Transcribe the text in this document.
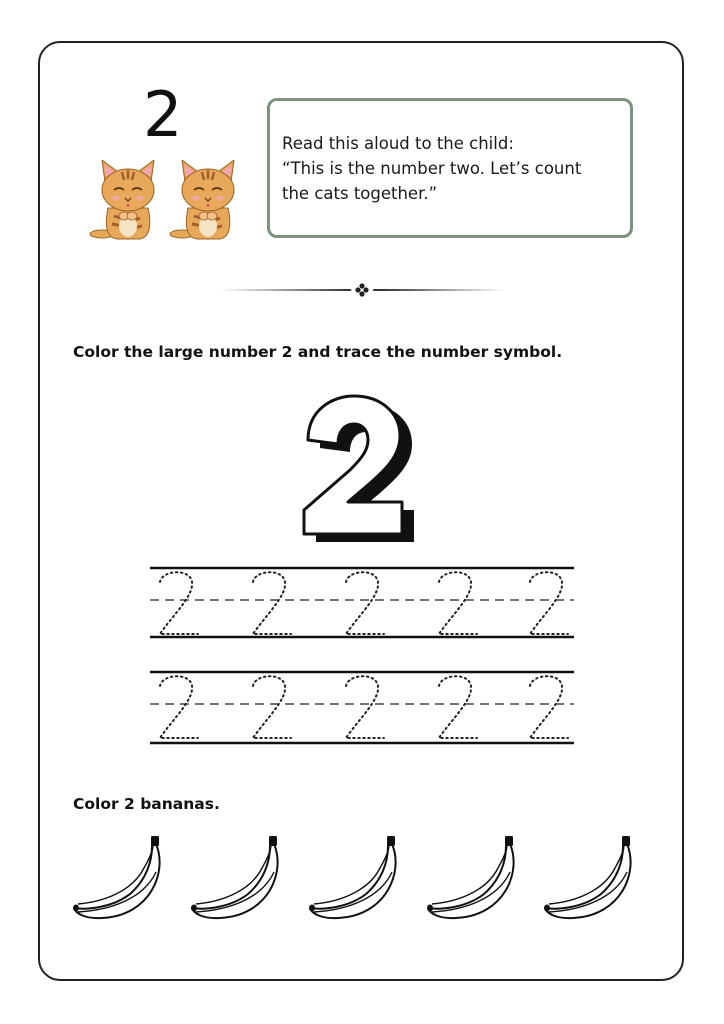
2	Read this aloud to the child:
“This is the number two. Let’s count
the cats together.”
Color the large number 2 and trace the number symbol.
Color 2 bananas.
